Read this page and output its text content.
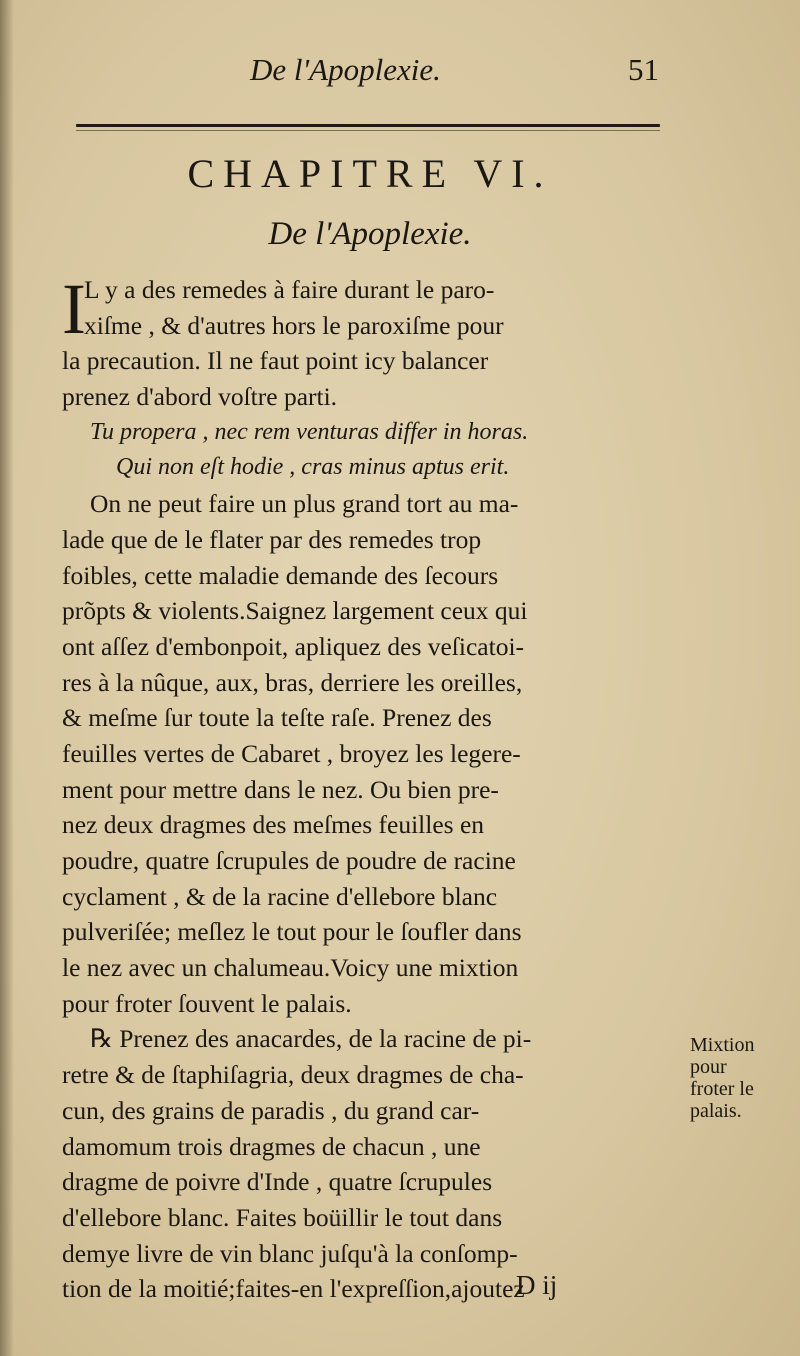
De l'Apoplexie.	51
CHAPITRE VI.
De l'Apoplexie.
I
L y a des remedes à faire durant le paro-
xiſme , & d'autres hors le paroxiſme pour
la precaution. Il ne faut point icy balancer
prenez d'abord voſtre parti.
Tu propera , nec rem venturas differ in horas.
Qui non eſt hodie , cras minus aptus erit.
On ne peut faire un plus grand tort au ma-
lade que de le flater par des remedes trop
foibles, cette maladie demande des ſecours
prõpts & violents.Saignez largement ceux qui
ont aſſez d'embonpoit, apliquez des veſicatoi-
res à la nûque, aux, bras, derriere les oreilles,
& meſme ſur toute la teſte raſe. Prenez des
feuilles vertes de Cabaret , broyez les legere-
ment pour mettre dans le nez. Ou bien pre-
nez deux dragmes des meſmes feuilles en
poudre, quatre ſcrupules de poudre de racine
cyclament , & de la racine d'ellebore blanc
pulveriſée; meſlez le tout pour le ſoufler dans
le nez avec un chalumeau.Voicy une mixtion
pour froter ſouvent le palais.
℞ Prenez des anacardes, de la racine de pi-
retre & de ſtaphiſagria, deux dragmes de cha-
cun, des grains de paradis , du grand car-
damomum trois dragmes de chacun , une
dragme de poivre d'Inde , quatre ſcrupules
d'ellebore blanc. Faites boüillir le tout dans
demye livre de vin blanc juſqu'à la conſomp-
tion de la moitié;faites-en l'expreſſion,ajoutez
Mixtion
pour
froter le
palais.
D ij
